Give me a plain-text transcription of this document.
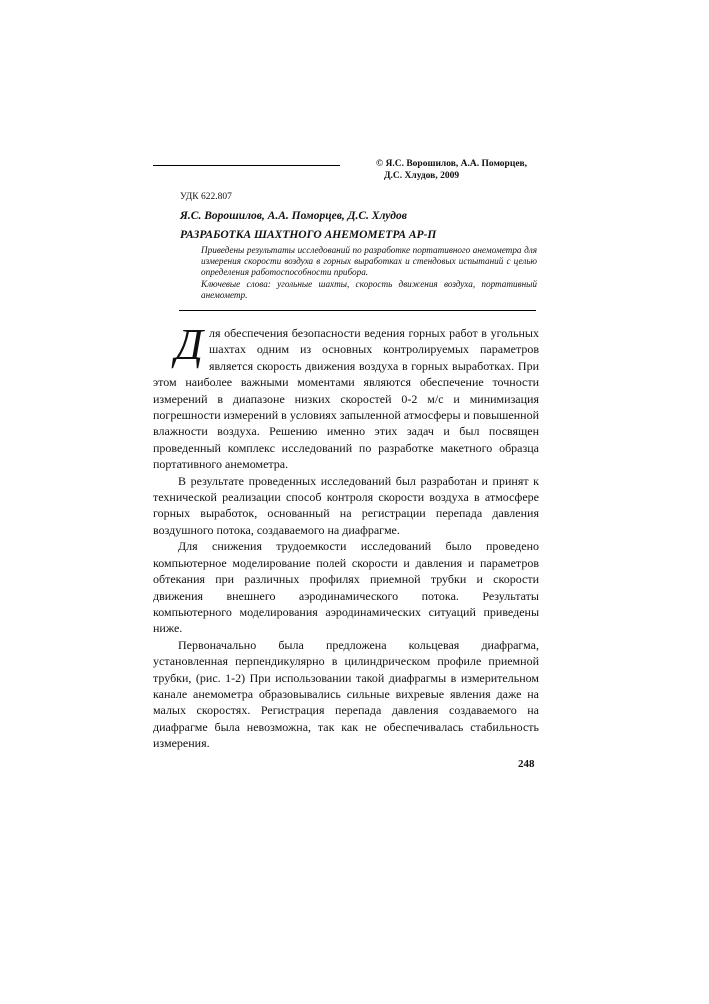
© Я.С. Ворошилов, А.А. Поморцев,
Д.С. Хлудов, 2009
УДК 622.807
Я.С. Ворошилов, А.А. Поморцев, Д.С. Хлудов
РАЗРАБОТКА ШАХТНОГО АНЕМОМЕТРА АР-П

Приведены результаты исследований по разработке портативного анемометра для измерения скорости воздуха в горных выработках и стендовых испытаний с целью определения работоспособности прибора.

Ключевые слова: угольные шахты, скорость движения воздуха, портативный анемометр.

Для обеспечения безопасности ведения горных работ в угольных шахтах одним из основных контролируемых параметров является скорость движения воздуха в горных выработках. При этом наиболее важными моментами являются обеспечение точности измерений в диапазоне низких скоростей 0-2 м/с и минимизация погрешности измерений в условиях запыленной атмосферы и повышенной влажности воздуха. Решению именно этих задач и был посвящен проведенный комплекс исследований по разработке макетного образца портативного анемометра.

В результате проведенных исследований был разработан и принят к технической реализации способ контроля скорости воздуха в атмосфере горных выработок, основанный на регистрации перепада давления воздушного потока, создаваемого на диафрагме.

Для снижения трудоемкости исследований было проведено компьютерное моделирование полей скорости и давления и параметров обтекания при различных профилях приемной трубки и скорости движения внешнего аэродинамического потока. Результаты компьютерного моделирования аэродинамических ситуаций приведены ниже.

Первоначально была предложена кольцевая диафрагма, установленная перпендикулярно в цилиндрическом профиле приемной трубки, (рис. 1-2) При использовании такой диафрагмы в измерительном канале анемометра образовывались сильные вихревые явления даже на малых скоростях. Регистрация перепада давления создаваемого на диафрагме была невозможна, так как не обеспечивалась стабильность измерения.

248
